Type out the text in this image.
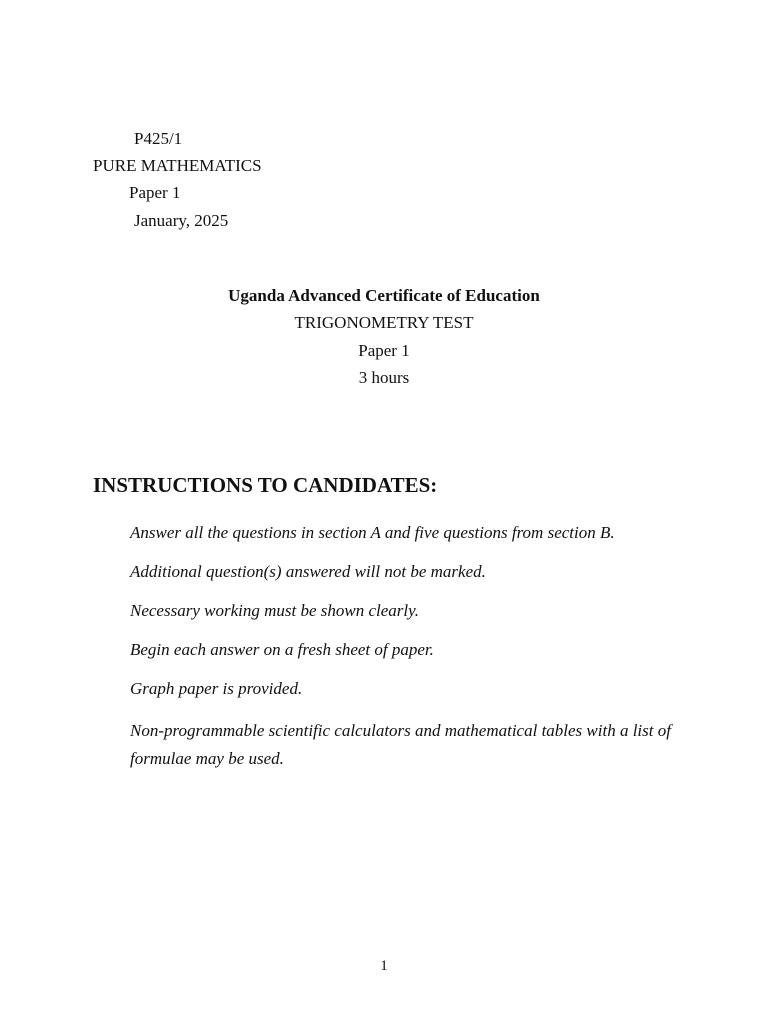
P425/1
PURE MATHEMATICS
Paper 1
January, 2025
Uganda Advanced Certificate of Education
TRIGONOMETRY TEST
Paper 1
3 hours
INSTRUCTIONS TO CANDIDATES:
Answer all the questions in section A and five questions from section B.
Additional question(s) answered will not be marked.
Necessary working must be shown clearly.
Begin each answer on a fresh sheet of paper.
Graph paper is provided.
Non-programmable scientific calculators and mathematical tables with a list of formulae may be used.
1
